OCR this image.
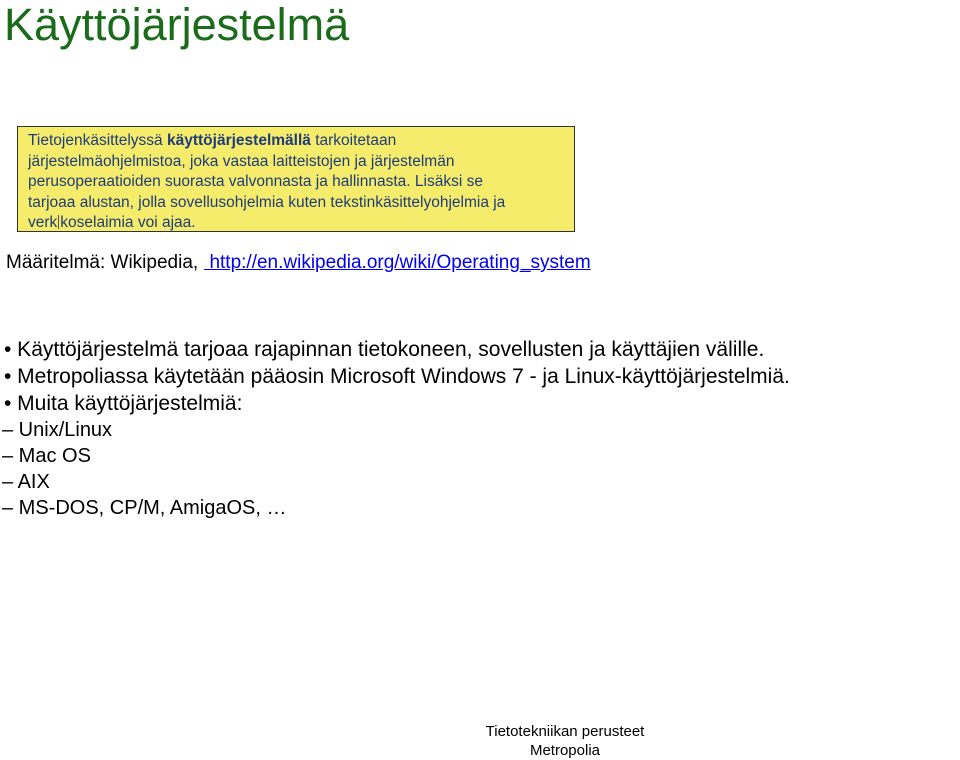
Käyttöjärjestelmä
Tietojenkäsittelyssä käyttöjärjestelmällä tarkoitetaan
järjestelmäohjelmistoa, joka vastaa laitteistojen ja järjestelmän
perusoperaatioiden suorasta valvonnasta ja hallinnasta. Lisäksi se
tarjoaa alustan, jolla sovellusohjelmia kuten tekstinkäsittelyohjelmia ja
verk koselaimia voi ajaa.
Määritelmä: Wikipedia, http://en.wikipedia.org/wiki/Operating_system
• Käyttöjärjestelmä tarjoaa rajapinnan tietokoneen, sovellusten ja käyttäjien välille.
• Metropoliassa käytetään pääosin Microsoft Windows 7 - ja Linux-käyttöjärjestelmiä.
• Muita käyttöjärjestelmiä:
– Unix/Linux
– Mac OS
– AIX
– MS-DOS, CP/M, AmigaOS, …
Tietotekniikan perusteet
Metropolia
